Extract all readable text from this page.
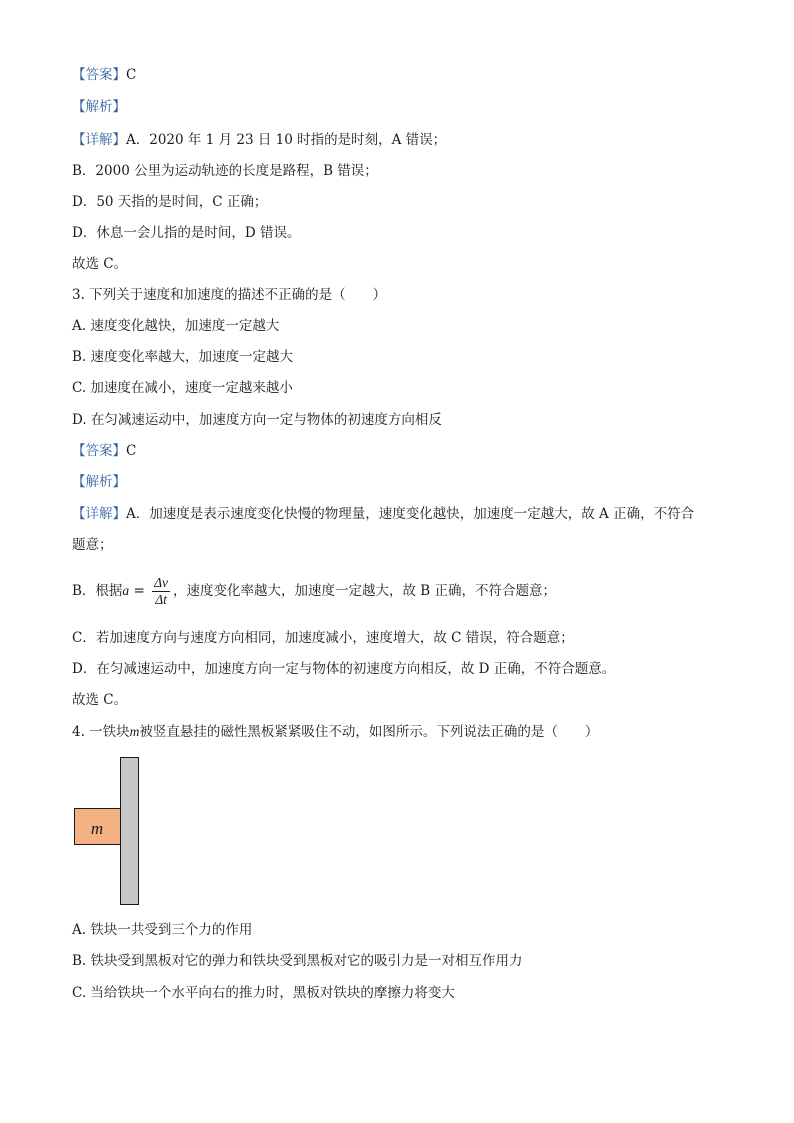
【答案】C

【解析】

【详解】A．2020 年 1 月 23 日 10 时指的是时刻，A 错误；

B．2000 公里为运动轨迹的长度是路程，B 错误；

D．50 天指的是时间，C 正确；

D．休息一会儿指的是时间，D 错误。

故选 C。

3. 下列关于速度和加速度的描述不正确的是（　　）

A. 速度变化越快，加速度一定越大

B. 速度变化率越大，加速度一定越大

C. 加速度在减小，速度一定越来越小

D. 在匀减速运动中，加速度方向一定与物体的初速度方向相反

【答案】C

【解析】

【详解】A．加速度是表示速度变化快慢的物理量，速度变化越快，加速度一定越大，故 A 正确，不符合

题意；

B．根据$a = \frac{\Delta v}{\Delta t}$ ，速度变化率越大，加速度一定越大，故 B 正确，不符合题意；

C．若加速度方向与速度方向相同，加速度减小，速度增大，故 C 错误，符合题意；

D．在匀减速运动中，加速度方向一定与物体的初速度方向相反，故 D 正确，不符合题意。

故选 C。

4. 一铁块m被竖直悬挂的磁性黑板紧紧吸住不动，如图所示。下列说法正确的是（　　）

m

A. 铁块一共受到三个力的作用

B. 铁块受到黑板对它的弹力和铁块受到黑板对它的吸引力是一对相互作用力

C. 当给铁块一个水平向右的推力时，黑板对铁块的摩擦力将变大
